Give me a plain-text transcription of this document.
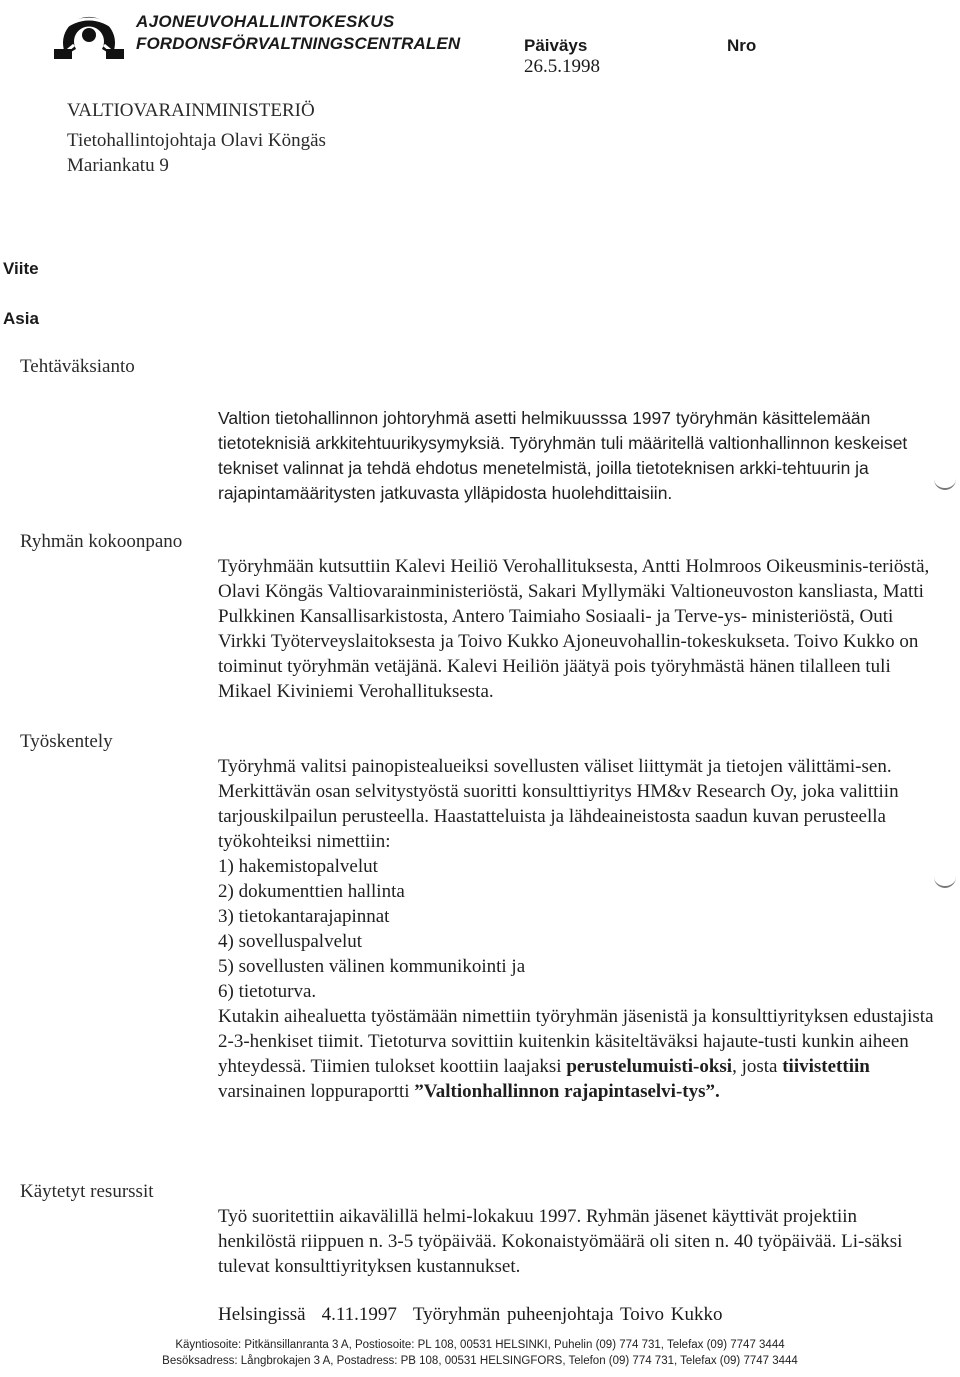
AJONEUVOHALLINTOKESKUS
FORDONSFÖRVALTNINGSCENTRALEN	Päiväys
26.5.1998
Nro
VALTIOVARAINMINISTERIÖ
Tietohallintojohtaja Olavi Köngäs
Mariankatu 9
Viite
Asia
Tehtäväksianto

Valtion tietohallinnon johtoryhmä asetti helmikuusssa 1997 työryhmän käsittelemään tietoteknisiä arkkitehtuurikysymyksiä. Työryhmän tuli määritellä valtionhallinnon keskeiset tekniset valinnat ja tehdä ehdotus menetelmistä, joilla tietoteknisen arkki-tehtuurin ja rajapintamääritysten jatkuvasta ylläpidosta huolehdittaisiin.

Ryhmän kokoonpano

Työryhmään kutsuttiin Kalevi Heiliö Verohallituksesta, Antti Holmroos Oikeusminis-teriöstä, Olavi Köngäs Valtiovarainministeriöstä, Sakari Myllymäki Valtioneuvoston kansliasta, Matti Pulkkinen Kansallisarkistosta, Antero Taimiaho Sosiaali- ja Terve-ys- ministeriöstä, Outi Virkki Työterveyslaitoksesta ja Toivo Kukko Ajoneuvohallin-tokeskukseta. Toivo Kukko on toiminut työryhmän vetäjänä. Kalevi Heiliön jäätyä pois työryhmästä hänen tilalleen tuli Mikael Kiviniemi Verohallituksesta.

Työskentely

Työryhmä valitsi painopistealueiksi sovellusten väliset liittymät ja tietojen välittämi-sen.

Merkittävän osan selvitystyöstä suoritti konsulttiyritys HM&v Research Oy, joka valittiin tarjouskilpailun perusteella. Haastatteluista ja lähdeaineistosta saadun kuvan perusteella työkohteiksi nimettiin:

1) hakemistopalvelut
2) dokumenttien hallinta
3) tietokantarajapinnat
4) sovelluspalvelut
5) sovellusten välinen kommunikointi ja
6) tietoturva.

Kutakin aihealuetta työstämään nimettiin työryhmän jäsenistä ja konsulttiyrityksen edustajista 2-3-henkiset tiimit. Tietoturva sovittiin kuitenkin käsiteltäväksi hajaute-tusti kunkin aiheen yhteydessä. Tiimien tulokset koottiin laajaksi perustelumuisti-oksi, josta tiivistettiin varsinainen loppuraportti ”Valtionhallinnon rajapintaselvi-tys”.

Käytetyt resurssit

Työ suoritettiin aikavälillä helmi-lokakuu 1997. Ryhmän jäsenet käyttivät projektiin henkilöstä riippuen n. 3-5 työpäivää. Kokonaistyömäärä oli siten n. 40 työpäivää. Li-säksi tulevat konsulttiyrityksen kustannukset.

Helsingissä 4.11.1997 Työryhmän puheenjohtaja Toivo Kukko
Käyntiosoite: Pitkänsillanranta 3 A, Postiosoite: PL 108, 00531 HELSINKI, Puhelin (09) 774 731, Telefax (09) 7747 3444
Besöksadress: Långbrokajen 3 A, Postadress: PB 108, 00531 HELSINGFORS, Telefon (09) 774 731, Telefax (09) 7747 3444
